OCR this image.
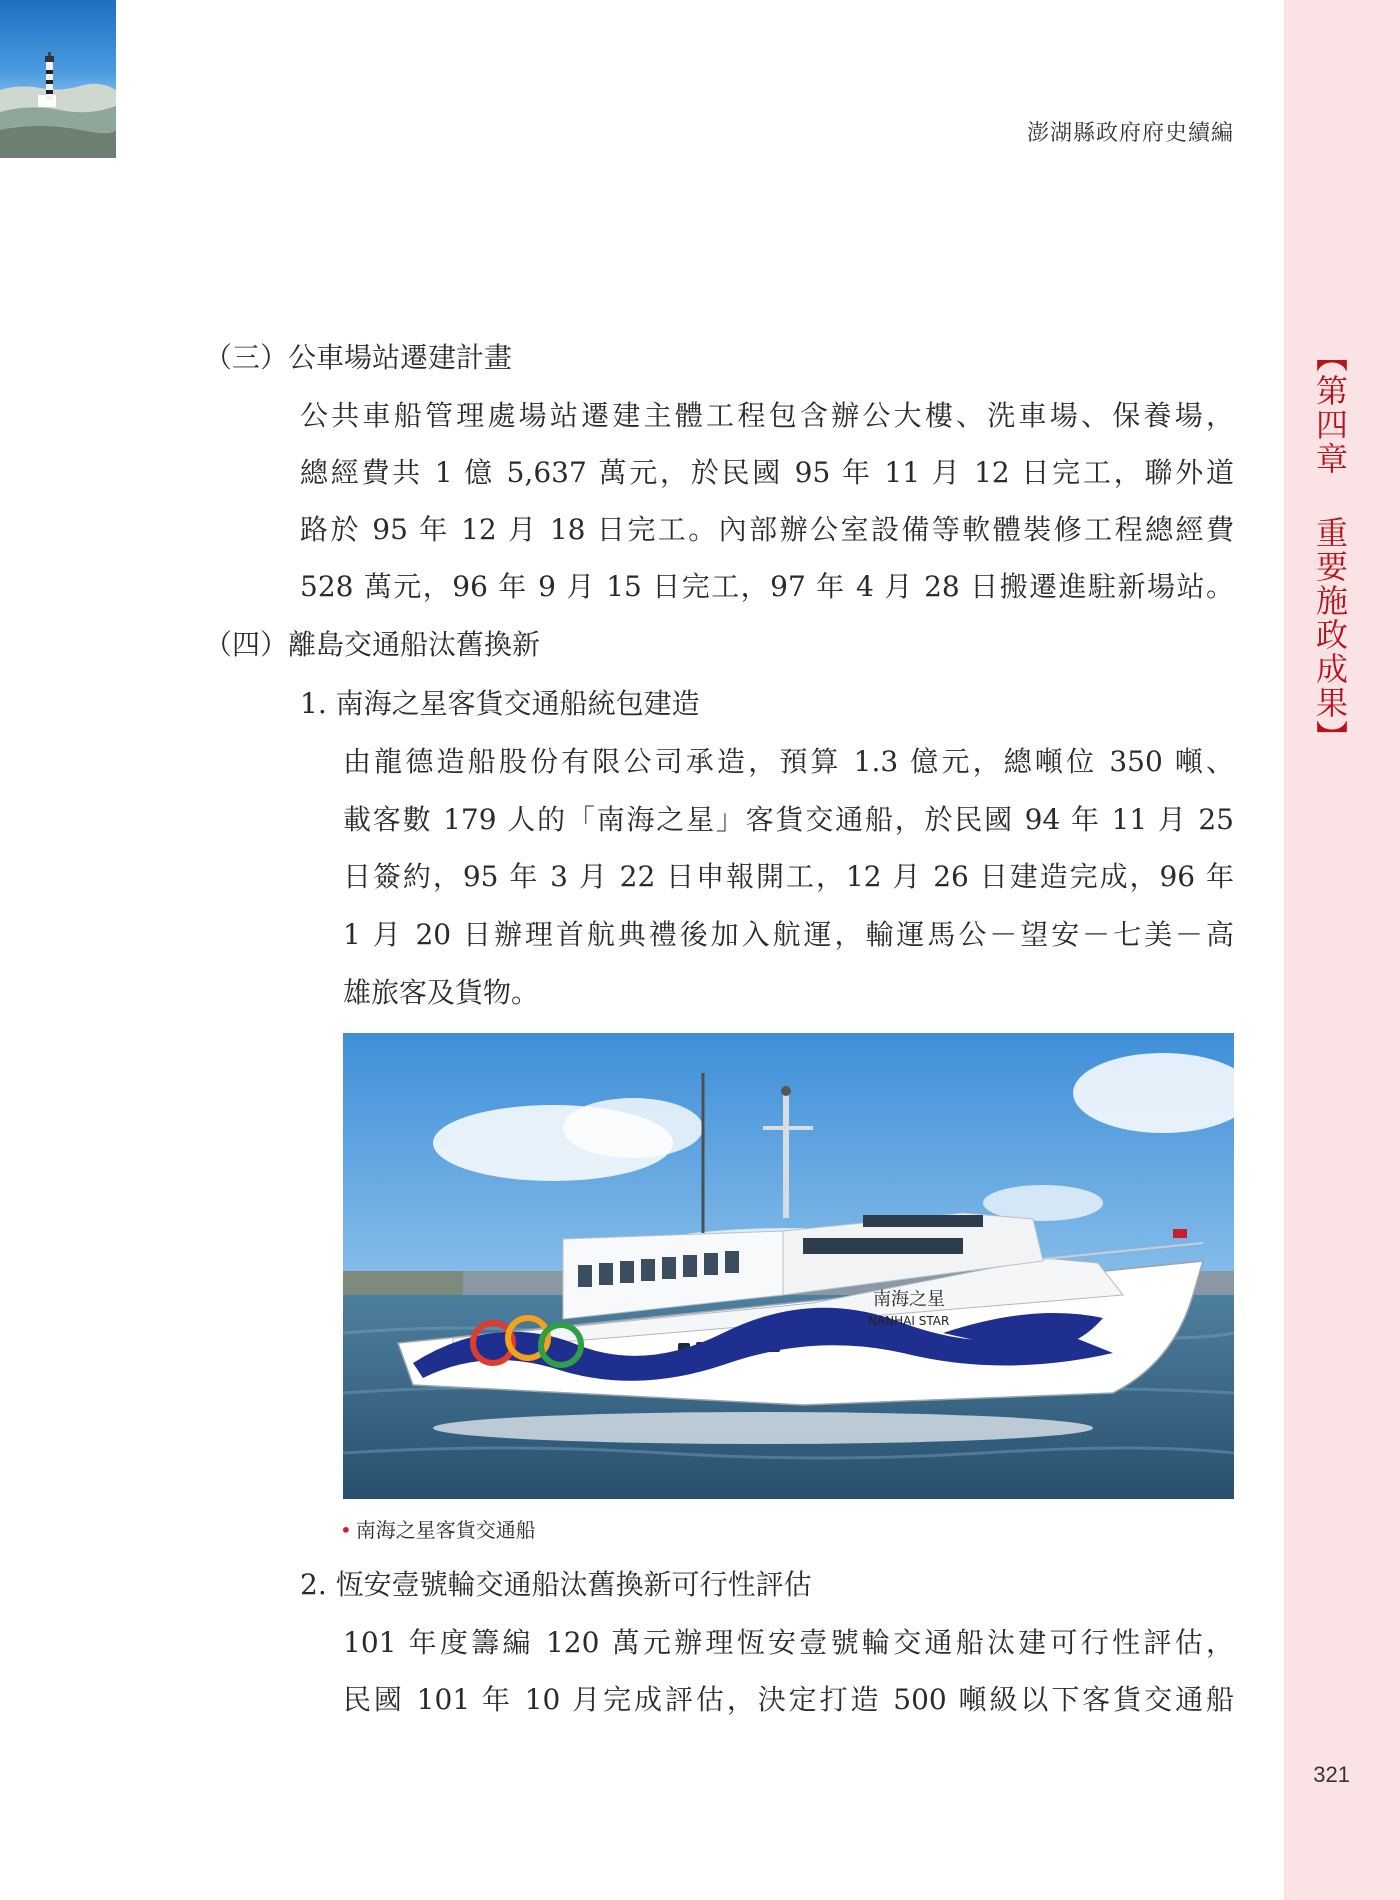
【第四章 重要施政成果】
321
澎湖縣政府府史續編
（三）公車場站遷建計畫
公共車船管理處場站遷建主體工程包含辦公大樓、洗車場、保養場，
總經費共 1 億 5,637 萬元，於民國 95 年 11 月 12 日完工，聯外道
路於 95 年 12 月 18 日完工。內部辦公室設備等軟體裝修工程總經費
528 萬元，96 年 9 月 15 日完工，97 年 4 月 28 日搬遷進駐新場站。
（四）離島交通船汰舊換新
1. 南海之星客貨交通船統包建造
由龍德造船股份有限公司承造，預算 1.3 億元，總噸位 350 噸、
載客數 179 人的「南海之星」客貨交通船，於民國 94 年 11 月 25
日簽約，95 年 3 月 22 日申報開工，12 月 26 日建造完成，96 年
1 月 20 日辦理首航典禮後加入航運，輸運馬公－望安－七美－高
雄旅客及貨物。
南海之星
NANHAI STAR
• 南海之星客貨交通船
2. 恆安壹號輪交通船汰舊換新可行性評估
101 年度籌編 120 萬元辦理恆安壹號輪交通船汰建可行性評估，
民國 101 年 10 月完成評估，決定打造 500 噸級以下客貨交通船
